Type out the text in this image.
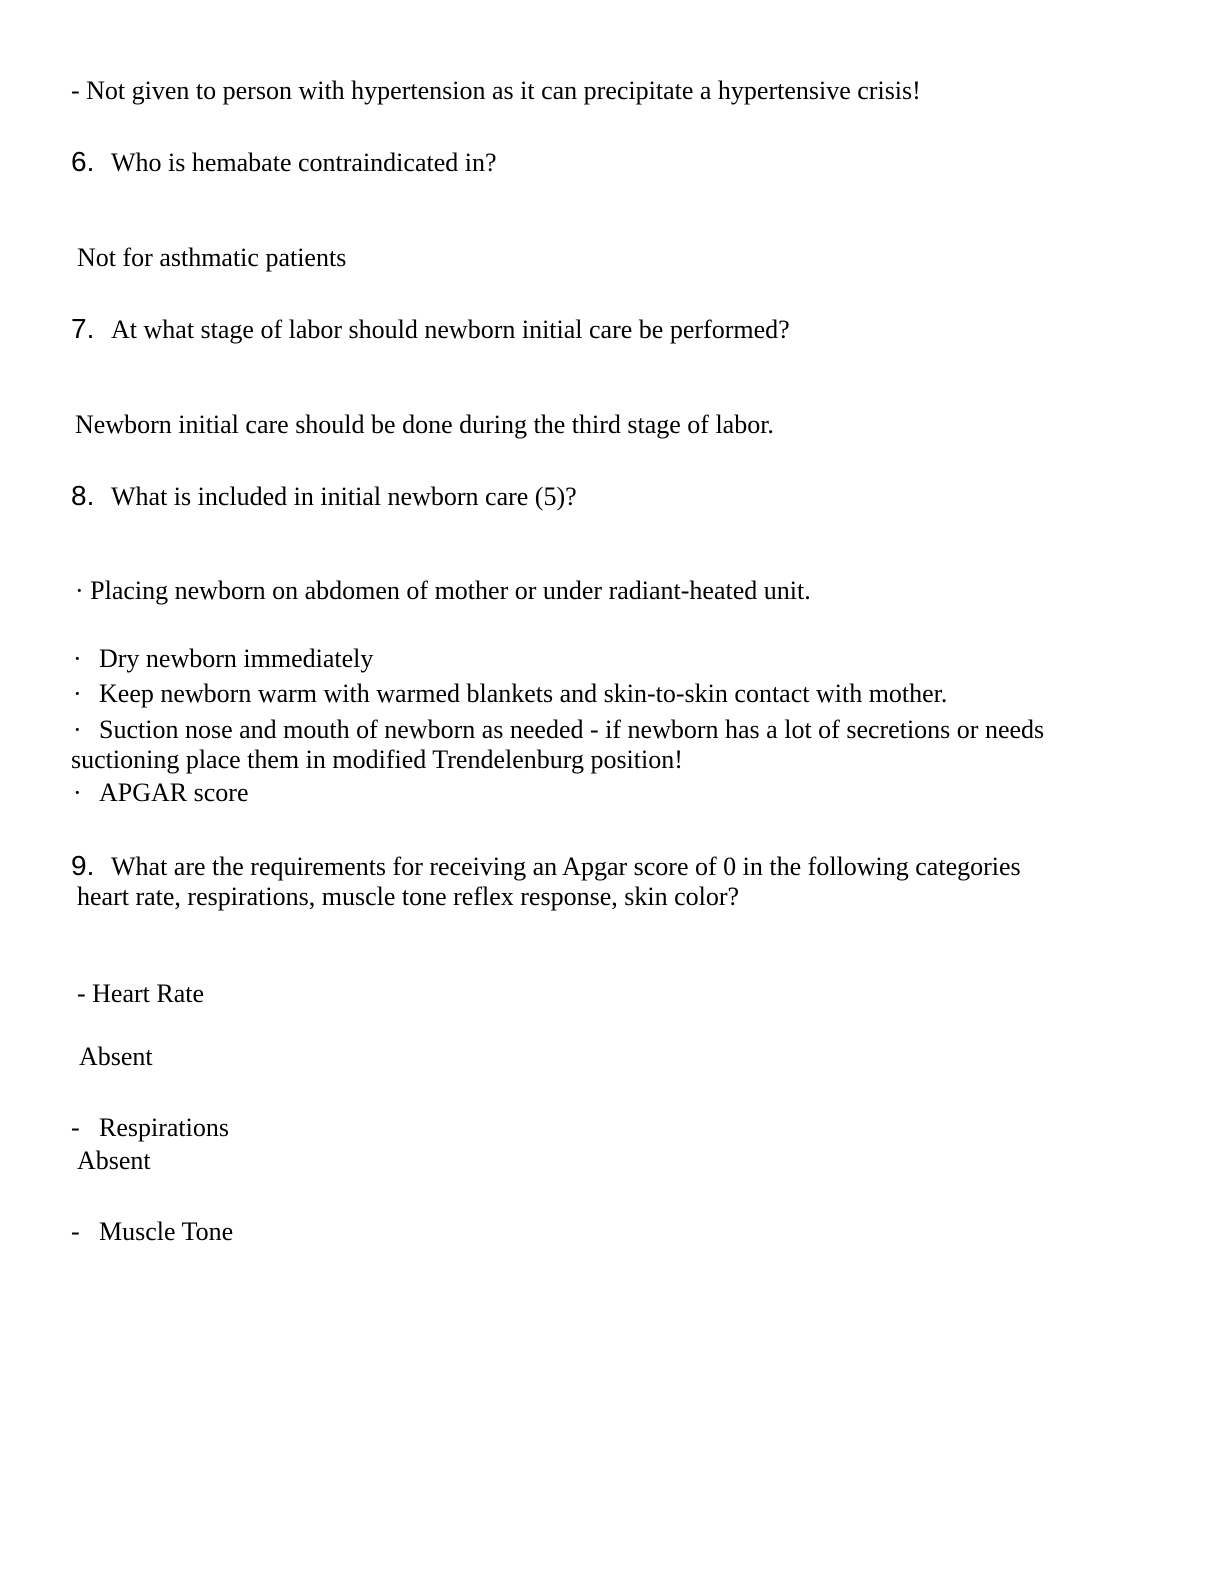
- Not given to person with hypertension as it can precipitate a hypertensive crisis!
6. Who is hemabate contraindicated in?
Not for asthmatic patients
7. At what stage of labor should newborn initial care be performed?
Newborn initial care should be done during the third stage of labor.
8. What is included in initial newborn care (5)?
· Placing newborn on abdomen of mother or under radiant-heated unit.
· Dry newborn immediately
· Keep newborn warm with warmed blankets and skin-to-skin contact with mother.
· Suction nose and mouth of newborn as needed - if newborn has a lot of secretions or needs
suctioning place them in modified Trendelenburg position!
· APGAR score
9. What are the requirements for receiving an Apgar score of 0 in the following categories
heart rate, respirations, muscle tone reflex response, skin color?
- Heart Rate
Absent
- Respirations
Absent
- Muscle Tone
